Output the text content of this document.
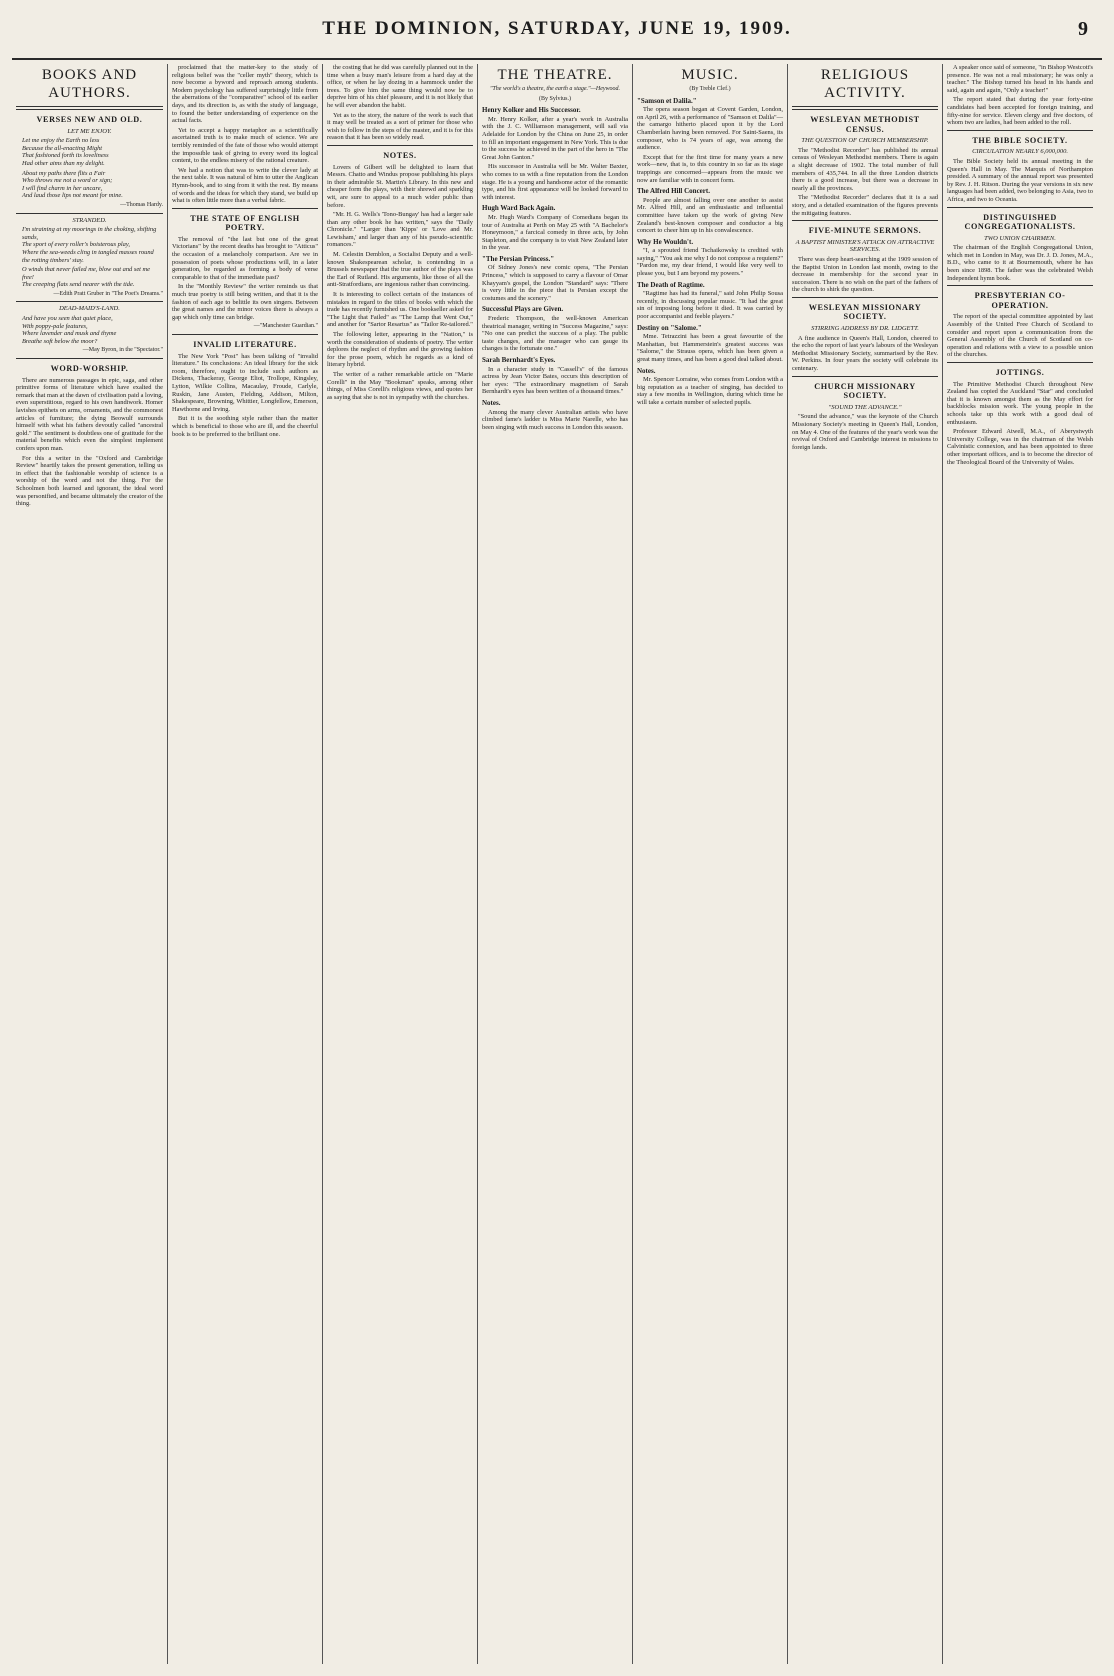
THE DOMINION, SATURDAY, JUNE 19, 1909.	9
BOOKS AND AUTHORS.
VERSES NEW AND OLD.
LET ME ENJOY.
Let me enjoy the Earth no less
Because the all-enacting Might
That fashioned forth its loveliness
Had other aims than my delight.
About my paths there flits a Fair
Who throws me not a word or sign;
I will find charm in her uncare,
And laud those lips not meant for mine.
—Thomas Hardy.
STRANDED.
I'm straining at my moorings in the choking, shifting sands,
The sport of every roller's boisterous play,
Where the sea-weeds cling in tangled masses round the rotting timbers' stay.
O winds that never failed me, blow out and set me free!
The creeping flats send nearer with the tide.
—Edith Pratt Gruber in "The Poet's Dreams."
DEAD-MAID'S-LAND.
And have you seen that quiet place,
With poppy-pale features,
Where lavender and musk and thyme
Breathe soft below the moor?
—May Byron, in the "Spectator."
WORD-WORSHIP.

There are numerous passages in epic, saga, and other primitive forms of literature which have exalted the remark that man at the dawn of civilisation paid a loving, even superstitious, regard to his own handiwork. Homer lavishes epithets on arms, ornaments, and the commonest articles of furniture; the dying Beowulf surrounds himself with what his fathers devoutly called "ancestral gold." The sentiment is doubtless one of gratitude for the material benefits which even the simplest implement confers upon man.

For this a writer in the "Oxford and Cambridge Review" heartily takes the present generation, telling us in effect that the fashionable worship of science is a worship of the word and not the thing. For the Schoolmen both learned and ignorant, the ideal word was personified, and became ultimately the creator of the thing.

proclaimed that the matter-key to the study of religious belief was the "celler myth" theory, which is now become a byword and reproach among students. Modern psychology has suffered surprisingly little from the aberrations of the "comparative" school of its earlier days, and its direction is, as with the study of language, to found the better understanding of experience on the actual facts.

Yet to accept a happy metaphor as a scientifically ascertained truth is to make much of science. We are terribly reminded of the fate of those who would attempt the impossible task of giving to every word its logical content, to the endless misery of the rational creature.

We had a notion that was to write the clever lady at the next table. It was natural of him to utter the Anglican Hymn-book, and to sing from it with the rest. By means of words and the ideas for which they stand, we build up what is often little more than a verbal fabric.

THE STATE OF ENGLISH POETRY.

The removal of "the last but one of the great Victorians" by the recent deaths has brought to "Atticus" the occasion of a melancholy comparison. Are we in possession of poets whose productions will, in a later generation, be regarded as forming a body of verse comparable to that of the immediate past?

In the "Monthly Review" the writer reminds us that much true poetry is still being written, and that it is the fashion of each age to belittle its own singers. Between the great names and the minor voices there is always a gap which only time can bridge.

—"Manchester Guardian."
INVALID LITERATURE.

The New York "Post" has been talking of "invalid literature." Its conclusions: An ideal library for the sick room, therefore, ought to include such authors as Dickens, Thackeray, George Eliot, Trollope, Kingsley, Lytton, Wilkie Collins, Macaulay, Froude, Carlyle, Ruskin, Jane Austen, Fielding, Addison, Milton, Shakespeare, Browning, Whittier, Longfellow, Emerson, Hawthorne and Irving.

But it is the soothing style rather than the matter which is beneficial to those who are ill, and the cheerful book is to be preferred to the brilliant one.

the costing that he did was carefully planned out in the time when a busy man's leisure from a hard day at the office, or when he lay dozing in a hammock under the trees. To give him the same thing would now be to deprive him of his chief pleasure, and it is not likely that he will ever abandon the habit.

Yet as to the story, the nature of the work is such that it may well be treated as a sort of primer for those who wish to follow in the steps of the master, and it is for this reason that it has been so widely read.

NOTES.

Lovers of Gilbert will be delighted to learn that Messrs. Chatto and Windus propose publishing his plays in their admirable St. Martin's Library. In this new and cheaper form the plays, with their shrewd and sparkling wit, are sure to appeal to a much wider public than before.

"Mr. H. G. Wells's 'Tono-Bungay' has had a larger sale than any other book he has written," says the "Daily Chronicle." "Larger than 'Kipps' or 'Love and Mr. Lewisham,' and larger than any of his pseudo-scientific romances."

M. Celestin Demblon, a Socialist Deputy and a well-known Shakespearean scholar, is contending in a Brussels newspaper that the true author of the plays was the Earl of Rutland. His arguments, like those of all the anti-Stratfordians, are ingenious rather than convincing.

It is interesting to collect certain of the instances of mistakes in regard to the titles of books with which the trade has recently furnished us. One bookseller asked for "The Light that Failed" as "The Lamp that Went Out," and another for "Sartor Resartus" as "Tailor Re-tailored."

The following letter, appearing in the "Nation," is worth the consideration of students of poetry. The writer deplores the neglect of rhythm and the growing fashion for the prose poem, which he regards as a kind of literary hybrid.

The writer of a rather remarkable article on "Marie Corelli" in the May "Bookman" speaks, among other things, of Miss Corelli's religious views, and quotes her as saying that she is not in sympathy with the churches.

THE THEATRE.
"The world's a theatre, the earth a stage."—Heywood.
(By Sylvius.)
Henry Kolker and His Successor.

Mr. Henry Kolker, after a year's work in Australia with the J. C. Williamson management, will sail via Adelaide for London by the China on June 25, in order to fill an important engagement in New York. This is due to the success he achieved in the part of the hero in "The Great John Ganton."

His successor in Australia will be Mr. Walter Baxter, who comes to us with a fine reputation from the London stage. He is a young and handsome actor of the romantic type, and his first appearance will be looked forward to with interest.

Hugh Ward Back Again.

Mr. Hugh Ward's Company of Comedians began its tour of Australia at Perth on May 25 with "A Bachelor's Honeymoon," a farcical comedy in three acts, by John Stapleton, and the company is to visit New Zealand later in the year.

"The Persian Princess."

Of Sidney Jones's new comic opera, "The Persian Princess," which is supposed to carry a flavour of Omar Khayyam's gospel, the London "Standard" says: "There is very little in the piece that is Persian except the costumes and the scenery."

Successful Plays are Given.

Frederic Thompson, the well-known American theatrical manager, writing in "Success Magazine," says: "No one can predict the success of a play. The public taste changes, and the manager who can gauge its changes is the fortunate one."

Sarah Bernhardt's Eyes.

In a character study in "Cassell's" of the famous actress by Jean Victor Bates, occurs this description of her eyes: "The extraordinary magnetism of Sarah Bernhardt's eyes has been written of a thousand times."

Notes.

Among the many clever Australian artists who have climbed fame's ladder is Miss Marie Narelle, who has been singing with much success in London this season.

MUSIC.
(By Treble Clef.)
"Samson et Dalila."

The opera season began at Covent Garden, London, on April 26, with a performance of "Samson et Dalila"—the camargo hitherto placed upon it by the Lord Chamberlain having been removed. For Saint-Saens, its composer, who is 74 years of age, was among the audience.

Except that for the first time for many years a new work—new, that is, to this country in so far as its stage trappings are concerned—appears from the music we now are familiar with in concert form.

The Alfred Hill Concert.

People are almost falling over one another to assist Mr. Alfred Hill, and an enthusiastic and influential committee have taken up the work of giving New Zealand's best-known composer and conductor a big concert to cheer him up in his convalescence.

Why He Wouldn't.

"I, a sprouted friend Tschaikowsky is credited with saying," "You ask me why I do not compose a requiem?" "Pardon me, my dear friend, I would like very well to please you, but I am beyond my powers."

The Death of Ragtime.

"Ragtime has had its funeral," said John Philip Sousa recently, in discussing popular music. "It had the great sin of imposing long before it died. It was carried by poor accompanist and feeble players."

Destiny on "Salome."

Mme. Tetrazzini has been a great favourite of the Manhattan, but Hammerstein's greatest success was "Salome," the Strauss opera, which has been given a great many times, and has been a good deal talked about.

Notes.

Mr. Spencer Lorraine, who comes from London with a big reputation as a teacher of singing, has decided to stay a few months in Wellington, during which time he will take a certain number of selected pupils.

RELIGIOUS ACTIVITY.
WESLEYAN METHODIST CENSUS.
THE QUESTION OF CHURCH MEMBERSHIP.

The "Methodist Recorder" has published its annual census of Wesleyan Methodist members. There is again a slight decrease of 1902. The total number of full members of 435,744. In all the three London districts there is a good increase, but there was a decrease in nearly all the provinces.

The "Methodist Recorder" declares that it is a sad story, and a detailed examination of the figures prevents the mitigating features.

FIVE-MINUTE SERMONS.
A BAPTIST MINISTER'S ATTACK ON ATTRACTIVE SERVICES.

There was deep heart-searching at the 1909 session of the Baptist Union in London last month, owing to the decrease in membership for the second year in succession. There is no wish on the part of the fathers of the church to shirk the question.

WESLEYAN MISSIONARY SOCIETY.
STIRRING ADDRESS BY DR. LIDGETT.

A fine audience in Queen's Hall, London, cheered to the echo the report of last year's labours of the Wesleyan Methodist Missionary Society, summarised by the Rev. W. Perkins. In four years the society will celebrate its centenary.

CHURCH MISSIONARY SOCIETY.
"SOUND THE ADVANCE."

"Sound the advance," was the keynote of the Church Missionary Society's meeting in Queen's Hall, London, on May 4. One of the features of the year's work was the revival of Oxford and Cambridge interest in missions to foreign lands.

A speaker once said of someone, "in Bishop Westcott's presence. He was not a real missionary; he was only a teacher." The Bishop turned his head in his hands and said, again and again, "Only a teacher!"

The report stated that during the year forty-nine candidates had been accepted for foreign training, and fifty-nine for service. Eleven clergy and five doctors, of whom two are ladies, had been added to the roll.

THE BIBLE SOCIETY.
CIRCULATION NEARLY 6,000,000.

The Bible Society held its annual meeting in the Queen's Hall in May. The Marquis of Northampton presided. A summary of the annual report was presented by Rev. J. H. Ritson. During the year versions in six new languages had been added, two belonging to Asia, two to Africa, and two to Oceania.

DISTINGUISHED CONGREGATIONALISTS.
TWO UNION CHAIRMEN.

The chairman of the English Congregational Union, which met in London in May, was Dr. J. D. Jones, M.A., B.D., who came to it at Bournemouth, where he has been since 1898. The father was the celebrated Welsh Independent hymn book.

PRESBYTERIAN CO-OPERATION.

The report of the special committee appointed by last Assembly of the United Free Church of Scotland to consider and report upon a communication from the General Assembly of the Church of Scotland on co-operation and relations with a view to a possible union of the churches.

JOTTINGS.

The Primitive Methodist Church throughout New Zealand has copied the Auckland "Star" and concluded that it is known amongst them as the May effort for backblocks mission work. The young people in the schools take up this work with a good deal of enthusiasm.

Professor Edward Atwell, M.A., of Aberystwyth University College, was in the chairman of the Welsh Calvinistic connexion, and has been appointed to three other important offices, and is to become the director of the Theological Board of the University of Wales.
